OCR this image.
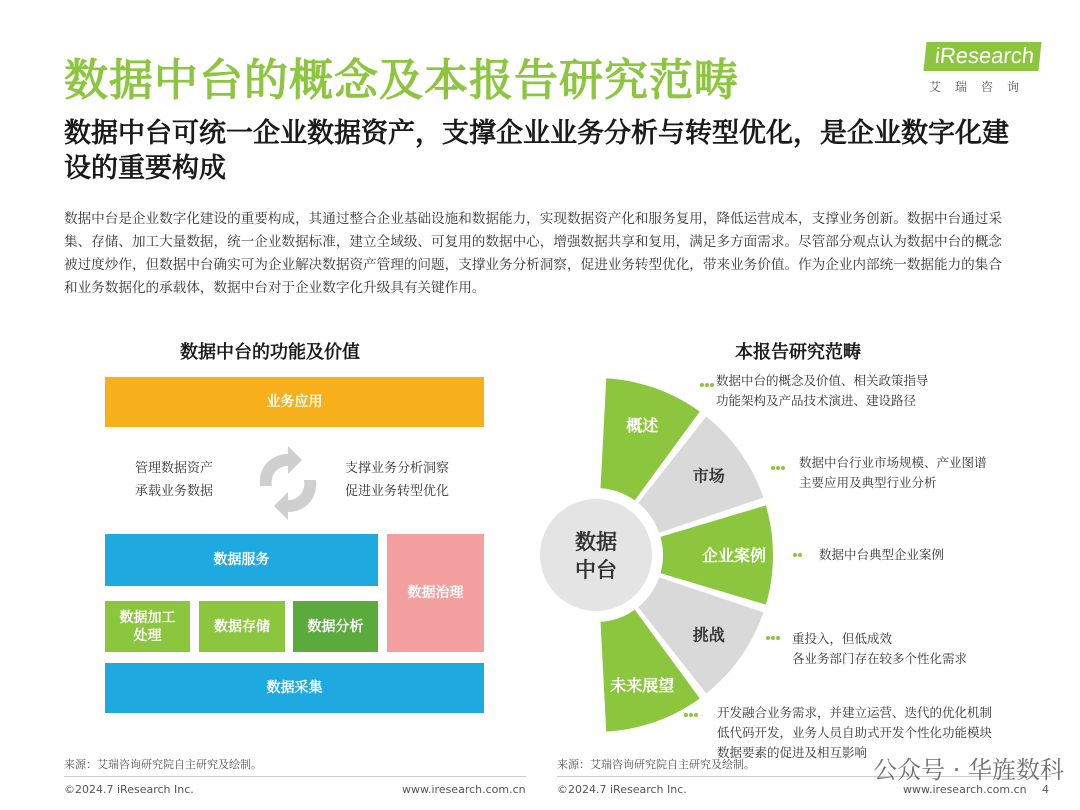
数据中台的概念及本报告研究范畴	iResearch
艾瑞咨询
数据中台可统一企业数据资产，支撑企业业务分析与转型优化，是企业数字化建设的重要构成
数据中台是企业数字化建设的重要构成，其通过整合企业基础设施和数据能力，实现数据资产化和服务复用，降低运营成本，支撑业务创新。数据中台通过采集、存储、加工大量数据，统一企业数据标准，建立全域级、可复用的数据中心，增强数据共享和复用，满足多方面需求。尽管部分观点认为数据中台的概念被过度炒作，但数据中台确实可为企业解决数据资产管理的问题，支撑业务分析洞察，促进业务转型优化，带来业务价值。作为企业内部统一数据能力的集合和业务数据化的承载体，数据中台对于企业数字化升级具有关键作用。
数据中台的功能及价值
业务应用
管理数据资产
承载业务数据
支撑业务分析洞察
促进业务转型优化
数据服务
数据治理
数据加工处理
数据存储	数据分析
数据采集
来源：艾瑞咨询研究院自主研究及绘制。
©2024.7 iResearch Inc.	www.iresearch.com.cn
本报告研究范畴
数据
中台
概述
市场
企业案例
挑战
未来展望
数据中台的概念及价值、相关政策指导
功能架构及产品技术演进、建设路径
数据中台行业市场规模、产业图谱
主要应用及典型行业分析
数据中台典型企业案例
重投入，但低成效
各业务部门存在较多个性化需求
开发融合业务需求，并建立运营、迭代的优化机制
低代码开发，业务人员自助式开发个性化功能模块
数据要素的促进及相互影响
来源：艾瑞咨询研究院自主研究及绘制。
©2024.7 iResearch Inc.	www.iresearch.com.cn 4
公众号 · 华旌数科
